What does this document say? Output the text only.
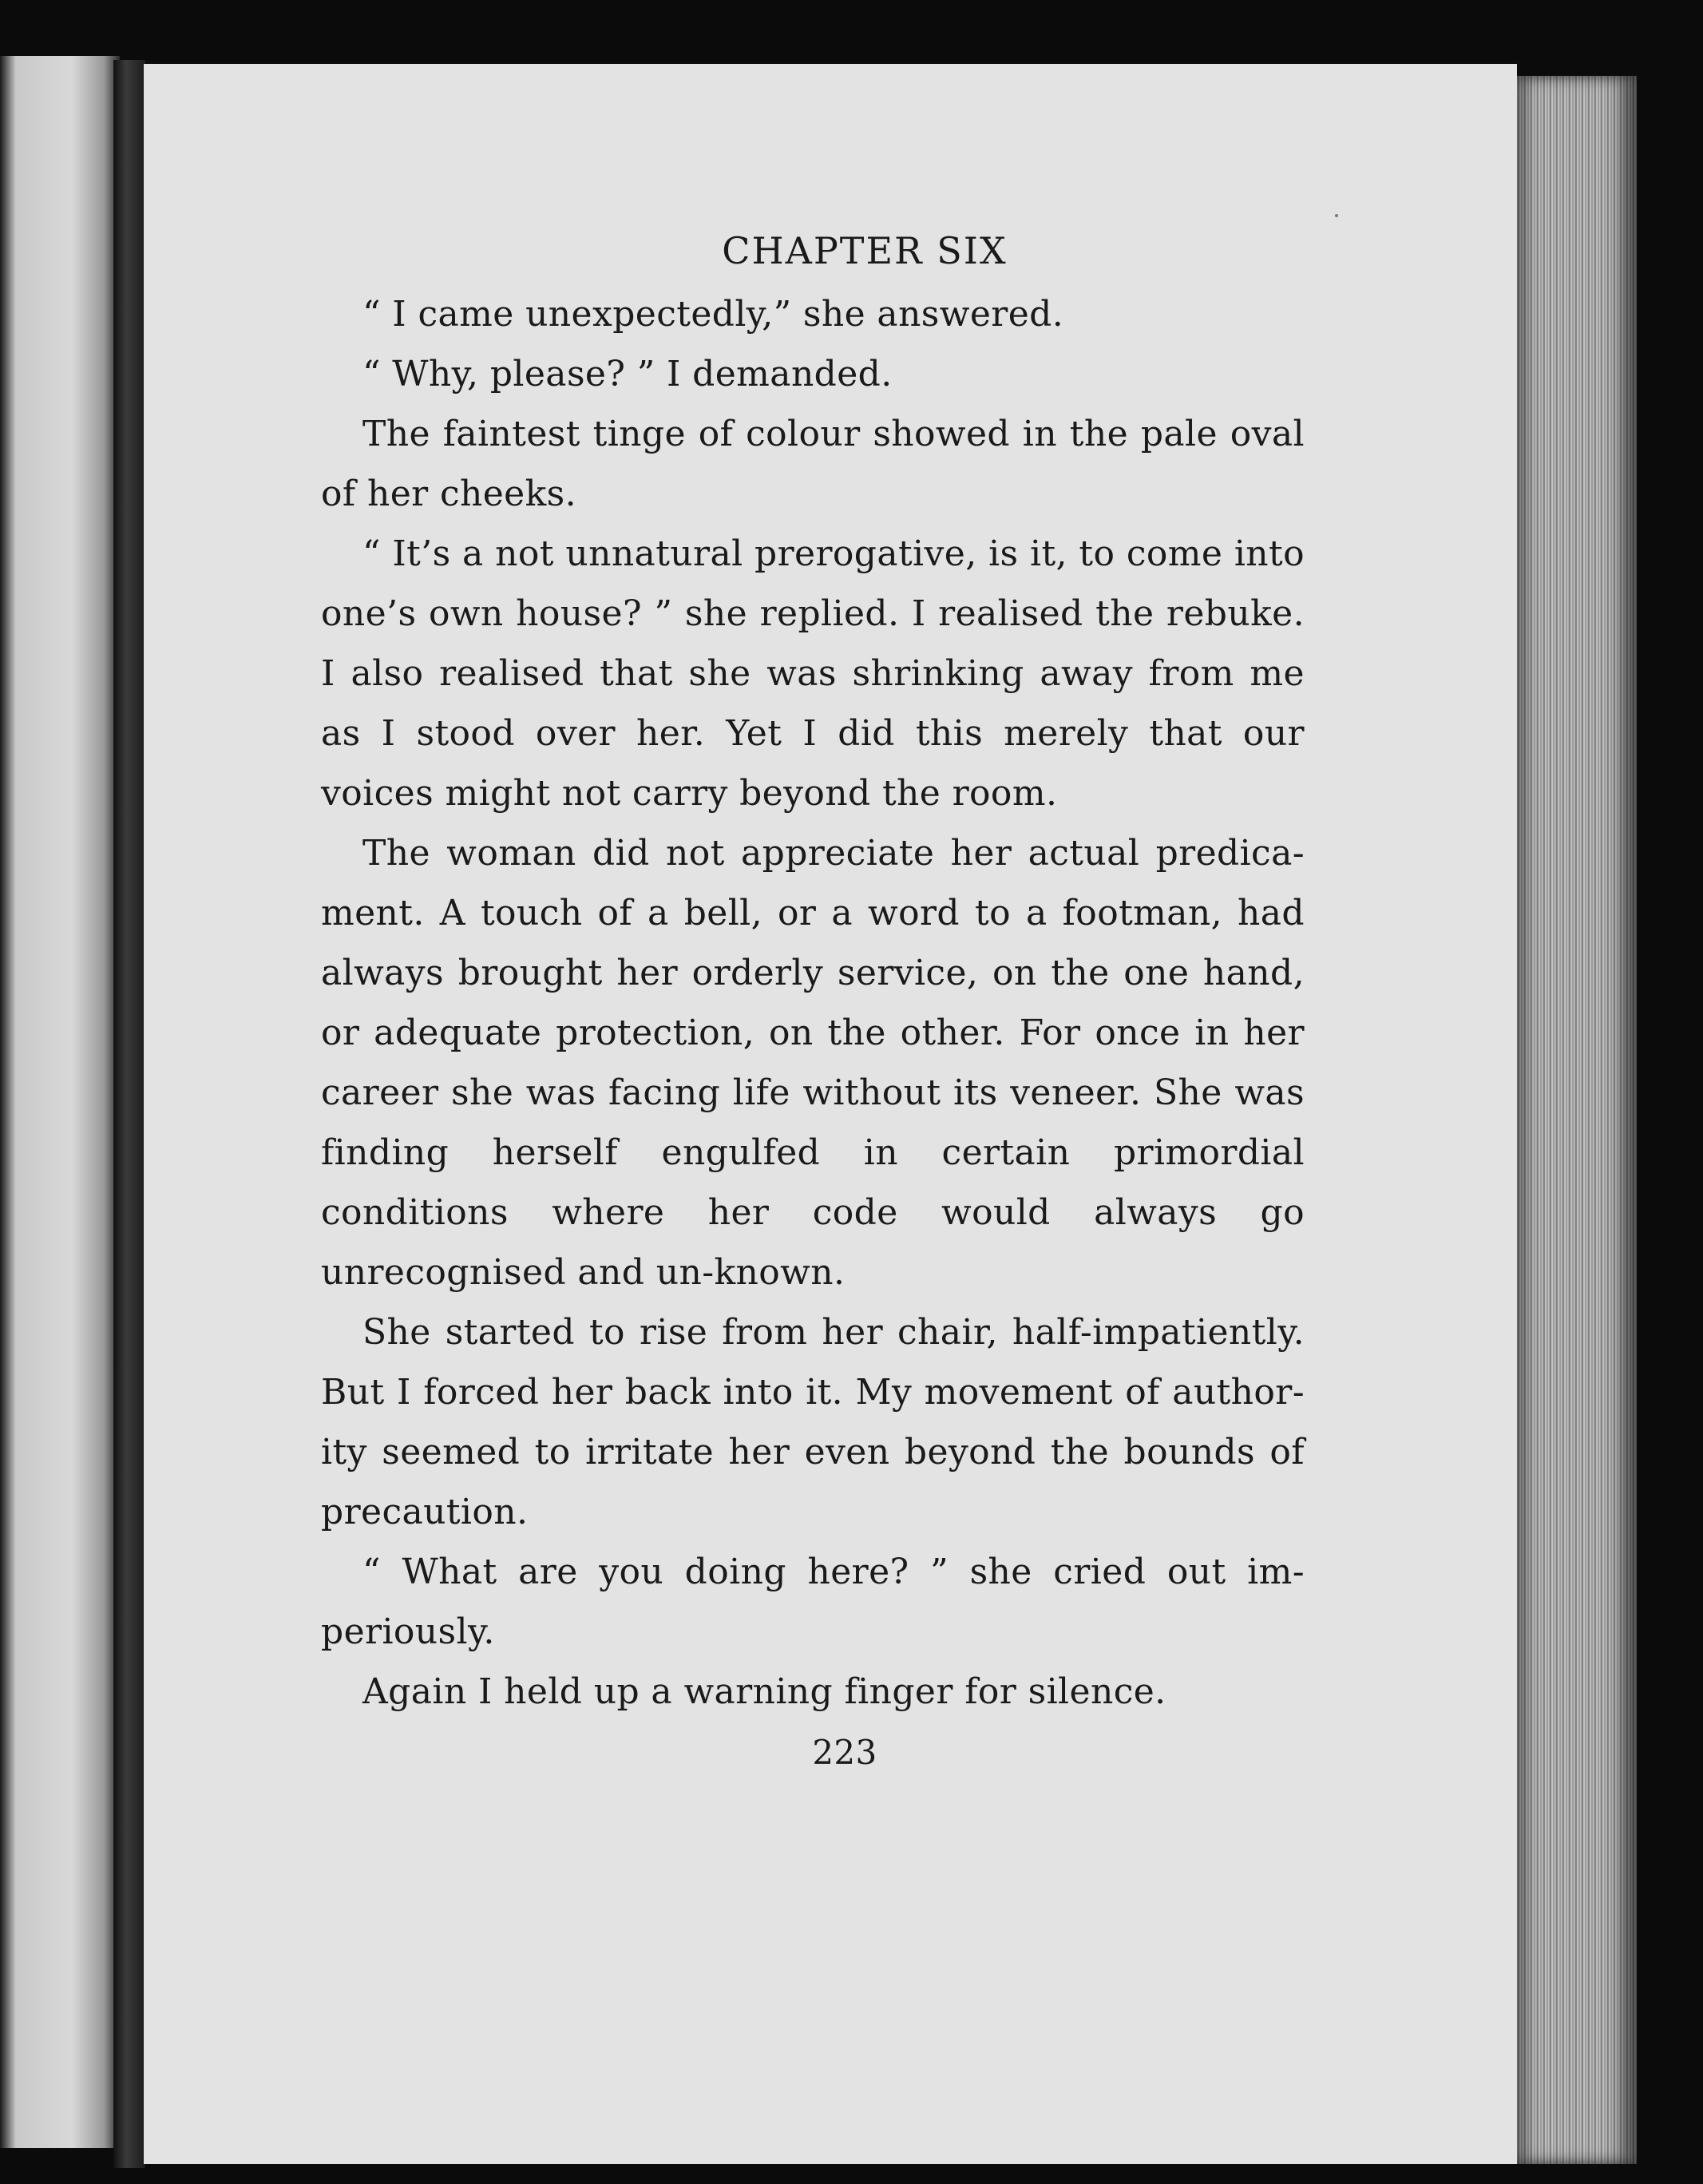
CHAPTER SIX

“ I came unexpectedly,” she answered.

“ Why, please? ” I demanded.

The faintest tinge of colour showed in the pale oval of her cheeks.

“ It’s a not unnatural prerogative, is it, to come into one’s own house? ” she replied. I realised the rebuke. I also realised that she was shrinking away from me as I stood over her. Yet I did this merely that our voices might not carry beyond the room.

The woman did not appreciate her actual predica-ment. A touch of a bell, or a word to a footman, had always brought her orderly service, on the one hand, or adequate protection, on the other. For once in her career she was facing life without its veneer. She was finding herself engulfed in certain primordial conditions where her code would always go unrecognised and un-known.

She started to rise from her chair, half-impatiently. But I forced her back into it. My movement of author-ity seemed to irritate her even beyond the bounds of precaution.

“ What are you doing here? ” she cried out im-periously.

Again I held up a warning finger for silence.

223
